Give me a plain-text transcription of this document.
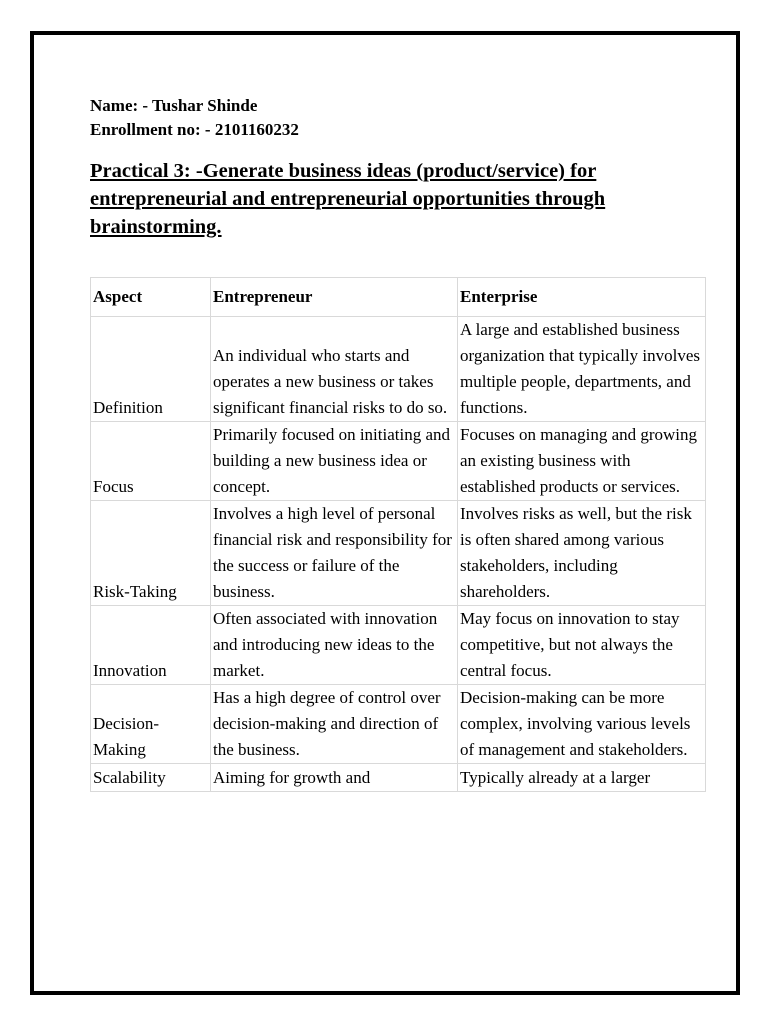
Name: - Tushar Shinde
Enrollment no: - 2101160232
Practical 3: -Generate business ideas (product/service) for entrepreneurial and entrepreneurial opportunities through brainstorming.
Aspect	Entrepreneur	Enterprise
Definition	An individual who starts and operates a new business or takes significant financial risks to do so.	A large and established business organization that typically involves multiple people, departments, and functions.
Focus	Primarily focused on initiating and building a new business idea or concept.	Focuses on managing and growing an existing business with established products or services.
Risk-Taking	Involves a high level of personal financial risk and responsibility for the success or failure of the business.	Involves risks as well, but the risk is often shared among various stakeholders, including shareholders.
Innovation	Often associated with innovation and introducing new ideas to the market.	May focus on innovation to stay competitive, but not always the central focus.
Decision-Making	Has a high degree of control over decision-making and direction of the business.	Decision-making can be more complex, involving various levels of management and stakeholders.
Scalability	Aiming for growth and	Typically already at a larger
